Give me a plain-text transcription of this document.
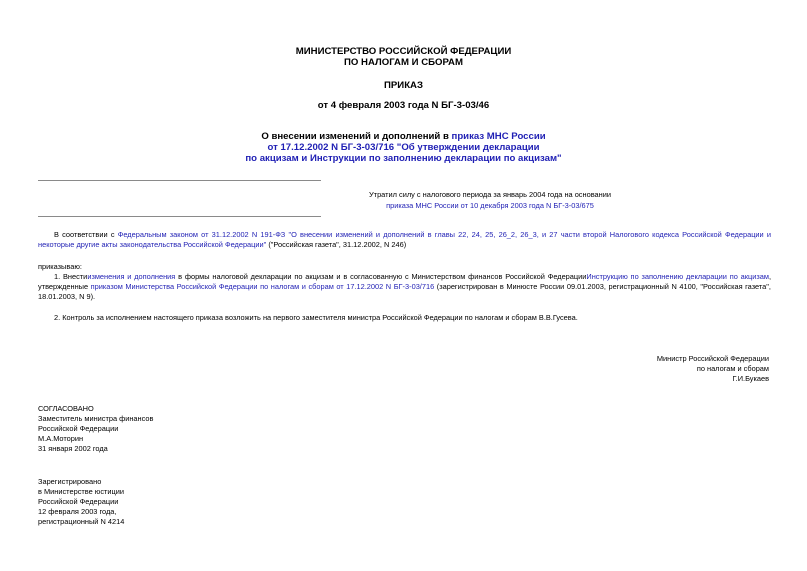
МИНИСТЕРСТВО РОССИЙСКОЙ ФЕДЕРАЦИИ
ПО НАЛОГАМ И СБОРАМ
ПРИКАЗ
от 4 февраля 2003 года N БГ-3-03/46
О внесении изменений и дополнений в приказ МНС России
от 17.12.2002 N БГ-3-03/716 "Об утверждении декларации
по акцизам и Инструкции по заполнению декларации по акцизам"
Утратил силу с налогового периода за январь 2004 года на основании
приказа МНС России от 10 декабря 2003 года N БГ-3-03/675
В соответствии с Федеральным законом от 31.12.2002 N 191-ФЗ "О внесении изменений и дополнений в главы 22, 24, 25, 26_2, 26_3, и 27 части второй Налогового кодекса Российской Федерации и некоторые другие акты законодательства Российской Федерации" ("Российская газета", 31.12.2002, N 246)
приказываю:
1. Внестиизменения и дополнения в формы налоговой декларации по акцизам и в согласованную с Министерством финансов Российской ФедерацииИнструкцию по заполнению декларации по акцизам, утвержденные приказом Министерства Российской Федерации по налогам и сборам от 17.12.2002 N БГ-3-03/716 (зарегистрирован в Минюсте России 09.01.2003, регистрационный N 4100, "Российская газета", 18.01.2003, N 9).
2. Контроль за исполнением настоящего приказа возложить на первого заместителя министра Российской Федерации по налогам и сборам В.В.Гусева.
Министр Российской Федерации
по налогам и сборам
Г.И.Букаев
СОГЛАСОВАНО
Заместитель министра финансов
Российской Федерации
М.А.Моторин
31 января 2002 года
Зарегистрировано
в Министерстве юстиции
Российской Федерации
12 февраля 2003 года,
регистрационный N 4214
